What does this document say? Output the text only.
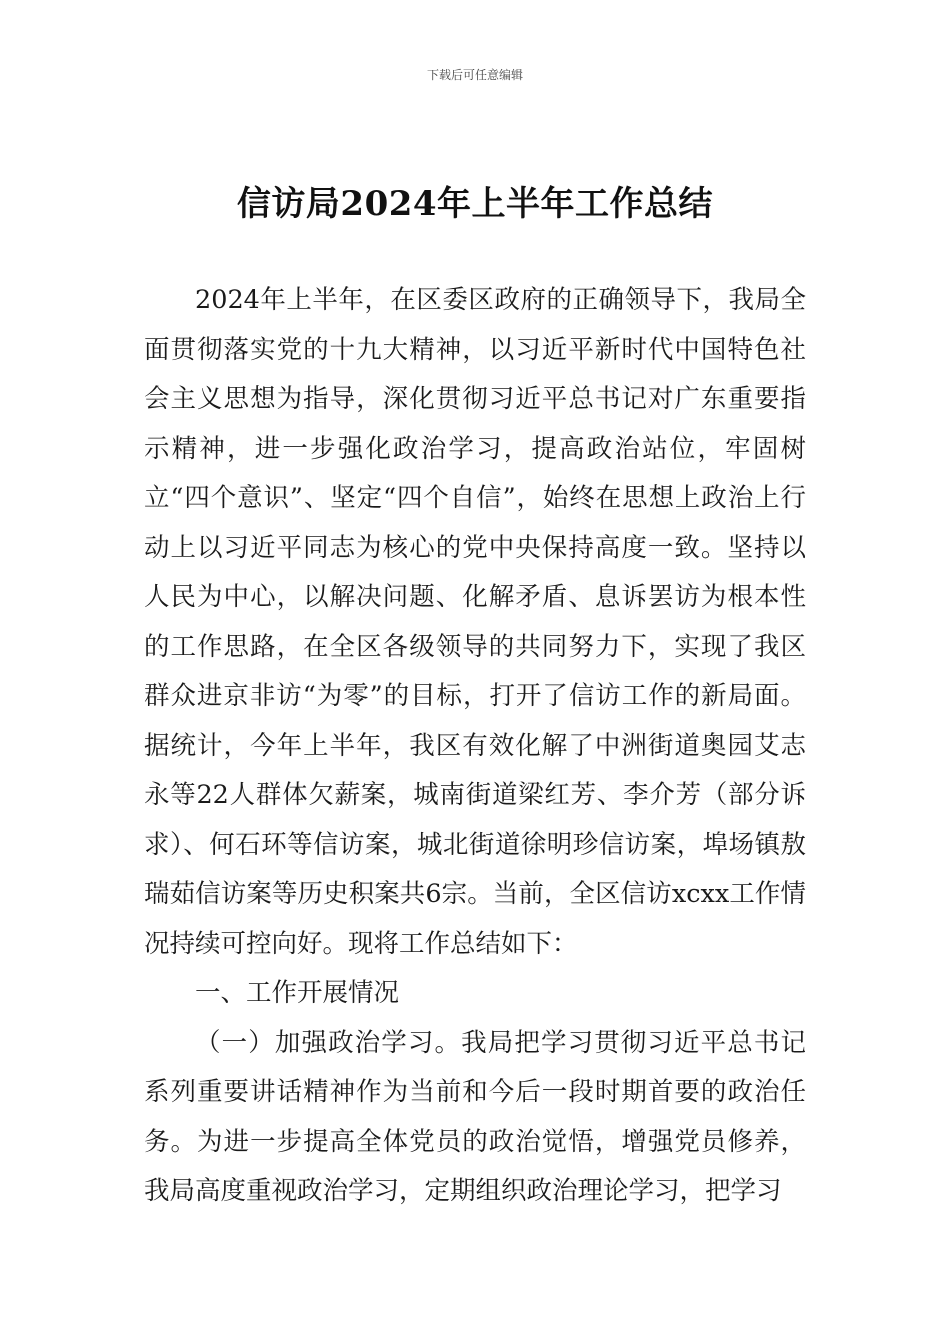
下载后可任意编辑
信访局2024年上半年工作总结

2024年上半年，在区委区政府的正确领导下，我局全面贯彻落实党的十九大精神，以习近平新时代中国特色社会主义思想为指导，深化贯彻习近平总书记对广东重要指示精神，进一步强化政治学习，提高政治站位，牢固树立“四个意识”、坚定“四个自信”，始终在思想上政治上行动上以习近平同志为核心的党中央保持高度一致。坚持以人民为中心，以解决问题、化解矛盾、息诉罢访为根本性的工作思路，在全区各级领导的共同努力下，实现了我区群众进京非访“为零”的目标，打开了信访工作的新局面。据统计，今年上半年，我区有效化解了中洲街道奥园艾志永等22人群体欠薪案，城南街道梁红芳、李介芳（部分诉求）、何石环等信访案，城北街道徐明珍信访案，埠场镇敖瑞茹信访案等历史积案共6宗。当前，全区信访xcxx工作情况持续可控向好。现将工作总结如下：

一、工作开展情况

（一）加强政治学习。我局把学习贯彻习近平总书记系列重要讲话精神作为当前和今后一段时期首要的政治任务。为进一步提高全体党员的政治觉悟，增强党员修养，我局高度重视政治学习，定期组织政治理论学习，把学习
